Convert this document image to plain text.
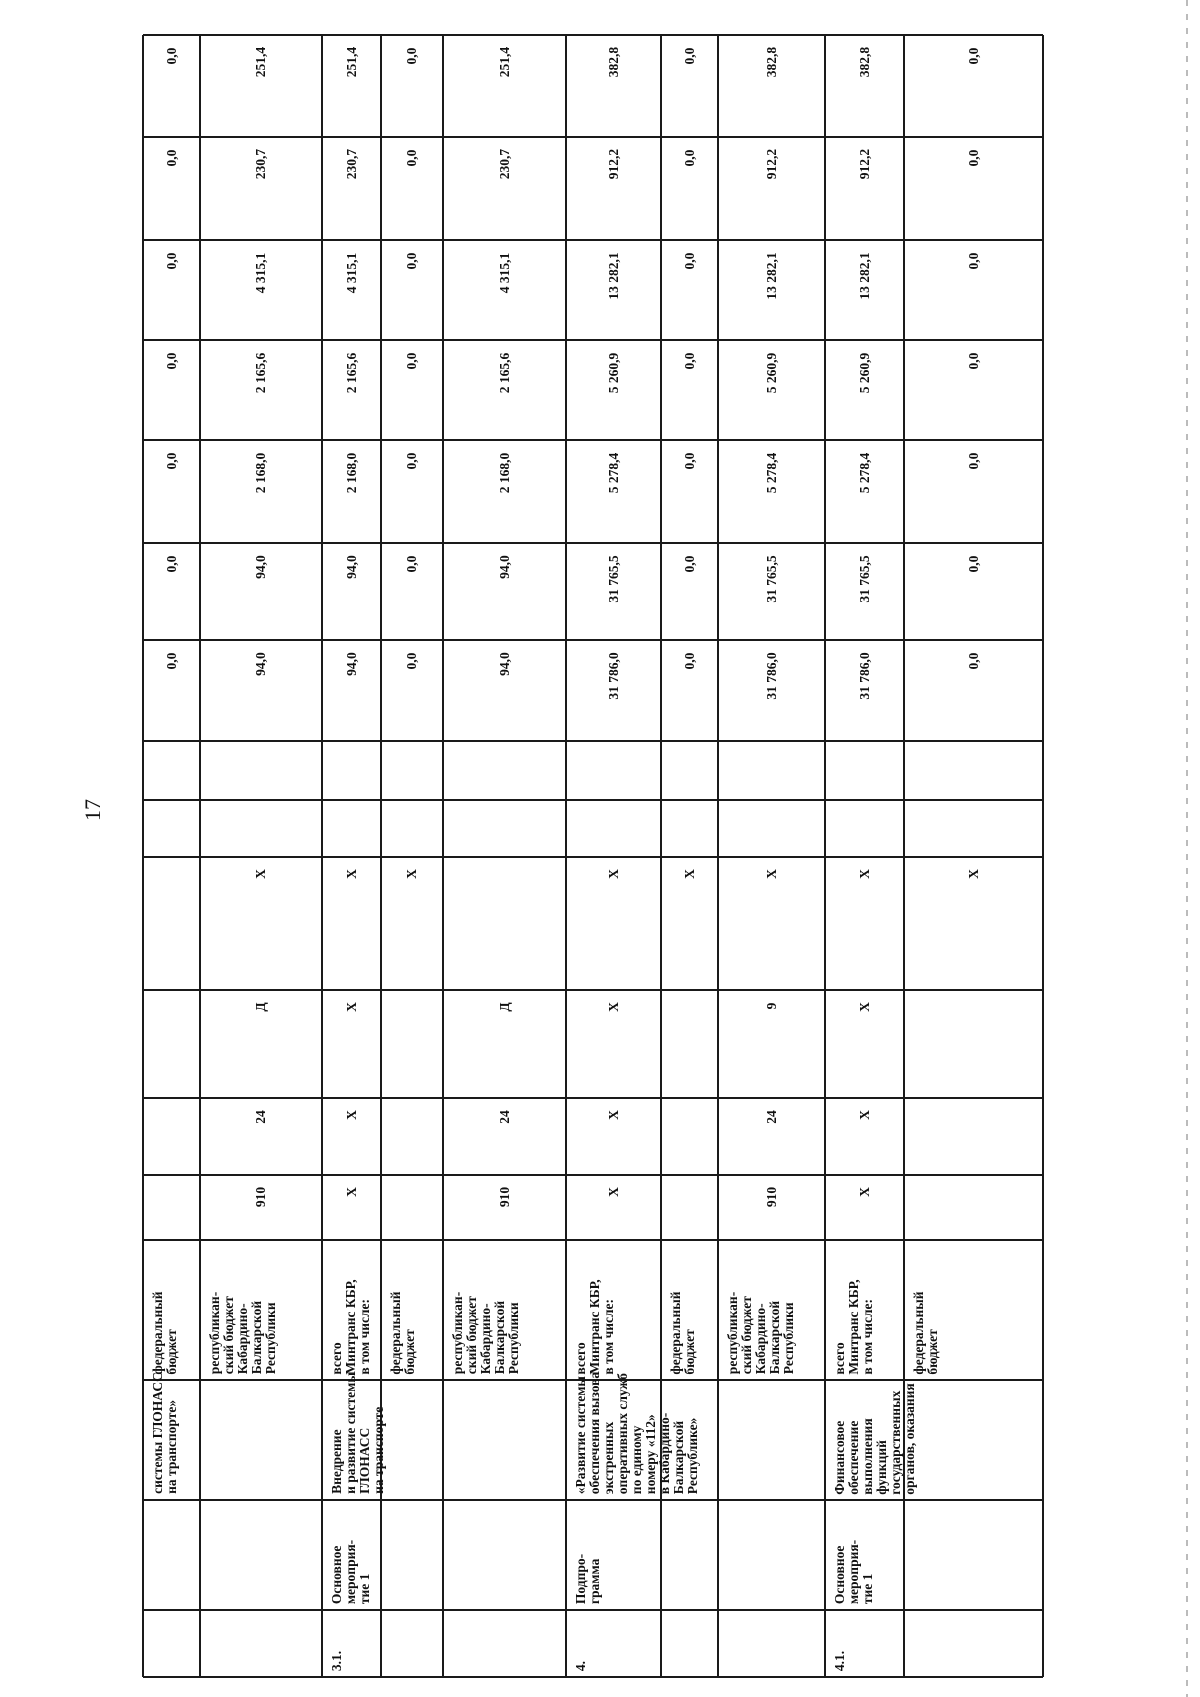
17
0,0
0,0
0,0
0,0
0,0
0,0
0,0
федеральный
бюджет
системы ГЛОНАСС
на транспорте»
251,4
230,7
4 315,1
2 165,6
2 168,0
94,0
94,0
Х
Д
24
910
республикан-
ский бюджет
Кабардино-
Балкарской
Республики
251,4
230,7
4 315,1
2 165,6
2 168,0
94,0
94,0
Х
Х
Х
Х
всего
Минтранс КБР,
в том числе:
Внедрение
и развитие системы
ГЛОНАСС
на транспорте
Основное
мероприя-
тие 1
3.1.
0,0
0,0
0,0
0,0
0,0
0,0
0,0
Х
федеральный
бюджет
251,4
230,7
4 315,1
2 165,6
2 168,0
94,0
94,0
Д
24
910
республикан-
ский бюджет
Кабардино-
Балкарской
Республики
382,8
912,2
13 282,1
5 260,9
5 278,4
31 765,5
31 786,0
Х
Х
Х
Х
всего
Минтранс КБР,
в том числе:
«Развитие системы
обеспечения вызова
экстренных
оперативных служб
по единому
номеру «112»
в Кабардино-
Балкарской
Республике»
Подпро-
грамма
4.
0,0
0,0
0,0
0,0
0,0
0,0
0,0
Х
федеральный
бюджет
382,8
912,2
13 282,1
5 260,9
5 278,4
31 765,5
31 786,0
Х
9
24
910
республикан-
ский бюджет
Кабардино-
Балкарской
Республики
382,8
912,2
13 282,1
5 260,9
5 278,4
31 765,5
31 786,0
Х
Х
Х
Х
всего
Минтранс КБР,
в том числе:
Финансовое
обеспечение
выполнения
функций
государственных
органов, оказания
Основное
мероприя-
тие 1
4.1.
0,0
0,0
0,0
0,0
0,0
0,0
0,0
Х
федеральный
бюджет
